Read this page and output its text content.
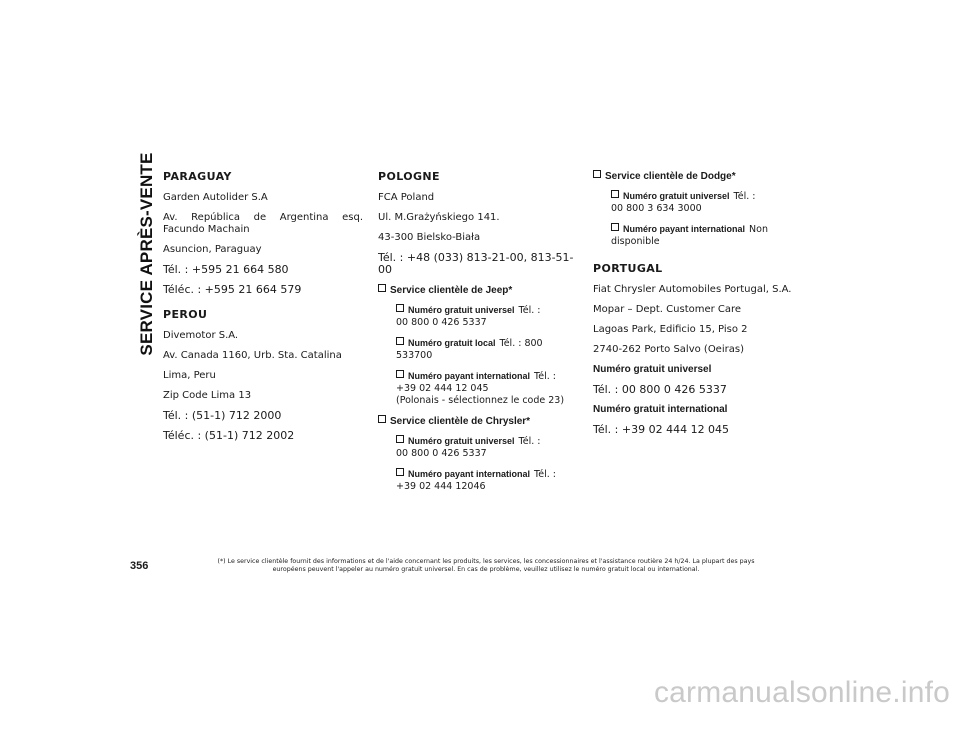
SERVICE APRÈS-VENTE PARAGUAY
Garden Autolider S.A
Av. República de Argentina esq. Facundo Machain
Asuncion, Paraguay
Tél. : +595 21 664 580
Téléc. : +595 21 664 579
PEROU
Divemotor S.A.
Av. Canada 1160, Urb. Sta. Catalina
Lima, Peru
Zip Code Lima 13
Tél. : (51-1) 712 2000
Téléc. : (51-1) 712 2002
POLOGNE
FCA Poland
Ul. M.Grażyńskiego 141.
43-300 Bielsko-Biała
Tél. : +48 (033) 813-21-00, 813-51-00
Service clientèle de Jeep*
Numéro gratuit universel Tél. :
00 800 0 426 5337
Numéro gratuit local Tél. : 800 533700
Numéro payant international Tél. :
+39 02 444 12 045
(Polonais - sélectionnez le code 23)
Service clientèle de Chrysler*
Numéro gratuit universel Tél. :
00 800 0 426 5337
Numéro payant international Tél. :
+39 02 444 12046
Service clientèle de Dodge*
Numéro gratuit universel Tél. :
00 800 3 634 3000
Numéro payant international Non disponible
PORTUGAL
Fiat Chrysler Automobiles Portugal, S.A.
Mopar – Dept. Customer Care
Lagoas Park, Edificio 15, Piso 2
2740-262 Porto Salvo (Oeiras)
Numéro gratuit universel
Tél. : 00 800 0 426 5337
Numéro gratuit international
Tél. : +39 02 444 12 045
356	(*) Le service clientèle fournit des informations et de l'aide concernant les produits, les services, les concessionnaires et l'assistance routière 24 h/24. La plupart des pays
européens peuvent l'appeler au numéro gratuit universel. En cas de problème, veuillez utilisez le numéro gratuit local ou international.
carmanualsonline.info
